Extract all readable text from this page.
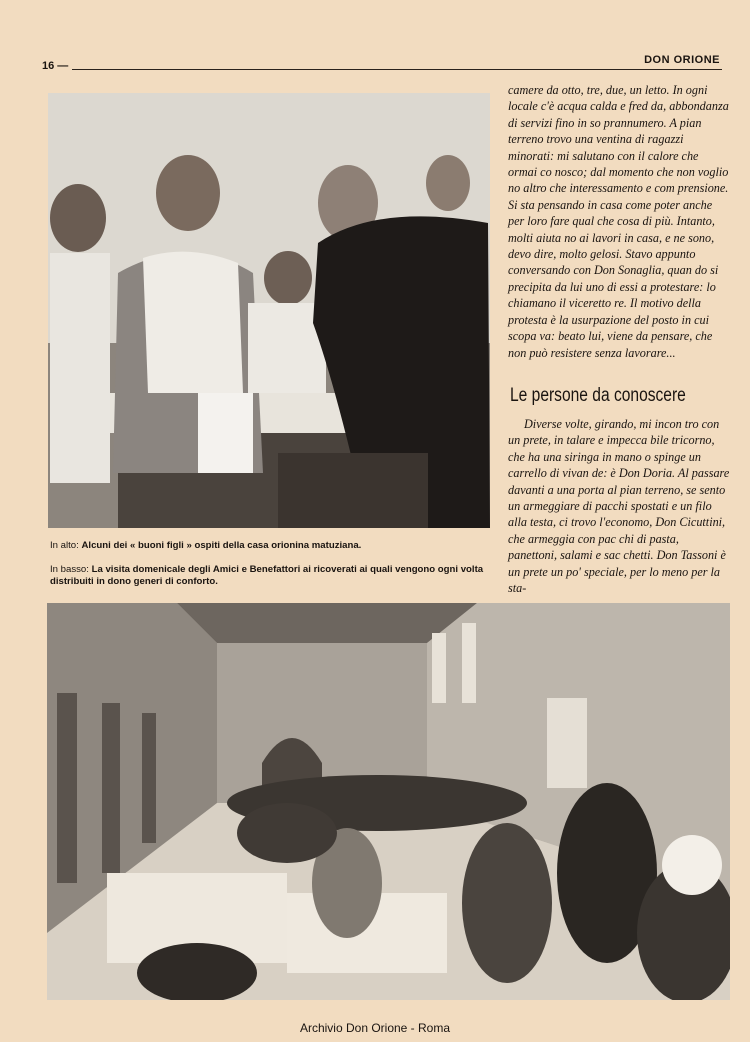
16 —	DON ORIONE

camere da otto, tre, due, un letto. In ogni locale c'è acqua calda e fred da, abbondanza di servizi fino in so prannumero. A pian terreno trovo una ventina di ragazzi minorati: mi salutano con il calore che ormai co nosco; dal momento che non voglio no altro che interessamento e com prensione. Si sta pensando in casa come poter anche per loro fare qual che cosa di più. Intanto, molti aiuta no ai lavori in casa, e ne sono, devo dire, molto gelosi. Stavo appunto conversando con Don Sonaglia, quan do si precipita da lui uno di essi a protestare: lo chiamano il viceretto re. Il motivo della protesta è la usurpazione del posto in cui scopa va: beato lui, viene da pensare, che non può resistere senza lavorare...

Le persone da conoscere

Diverse volte, girando, mi incon tro con un prete, in talare e impecca bile tricorno, che ha una siringa in mano o spinge un carrello di vivan de: è Don Doria. Al passare davanti a una porta al pian terreno, se sento un armeggiare di pacchi spostati e un filo alla testa, ci trovo l'economo, Don Cicuttini, che armeggia con pac chi di pasta, panettoni, salami e sac chetti. Don Tassoni è un prete un po' speciale, per lo meno per la sta-

In alto: Alcuni dei « buoni figli » ospiti della casa orionina matuziana.
In basso: La visita domenicale degli Amici e Benefattori ai ricoverati ai quali vengono ogni volta distribuiti in dono generi di conforto.
Archivio Don Orione - Roma
